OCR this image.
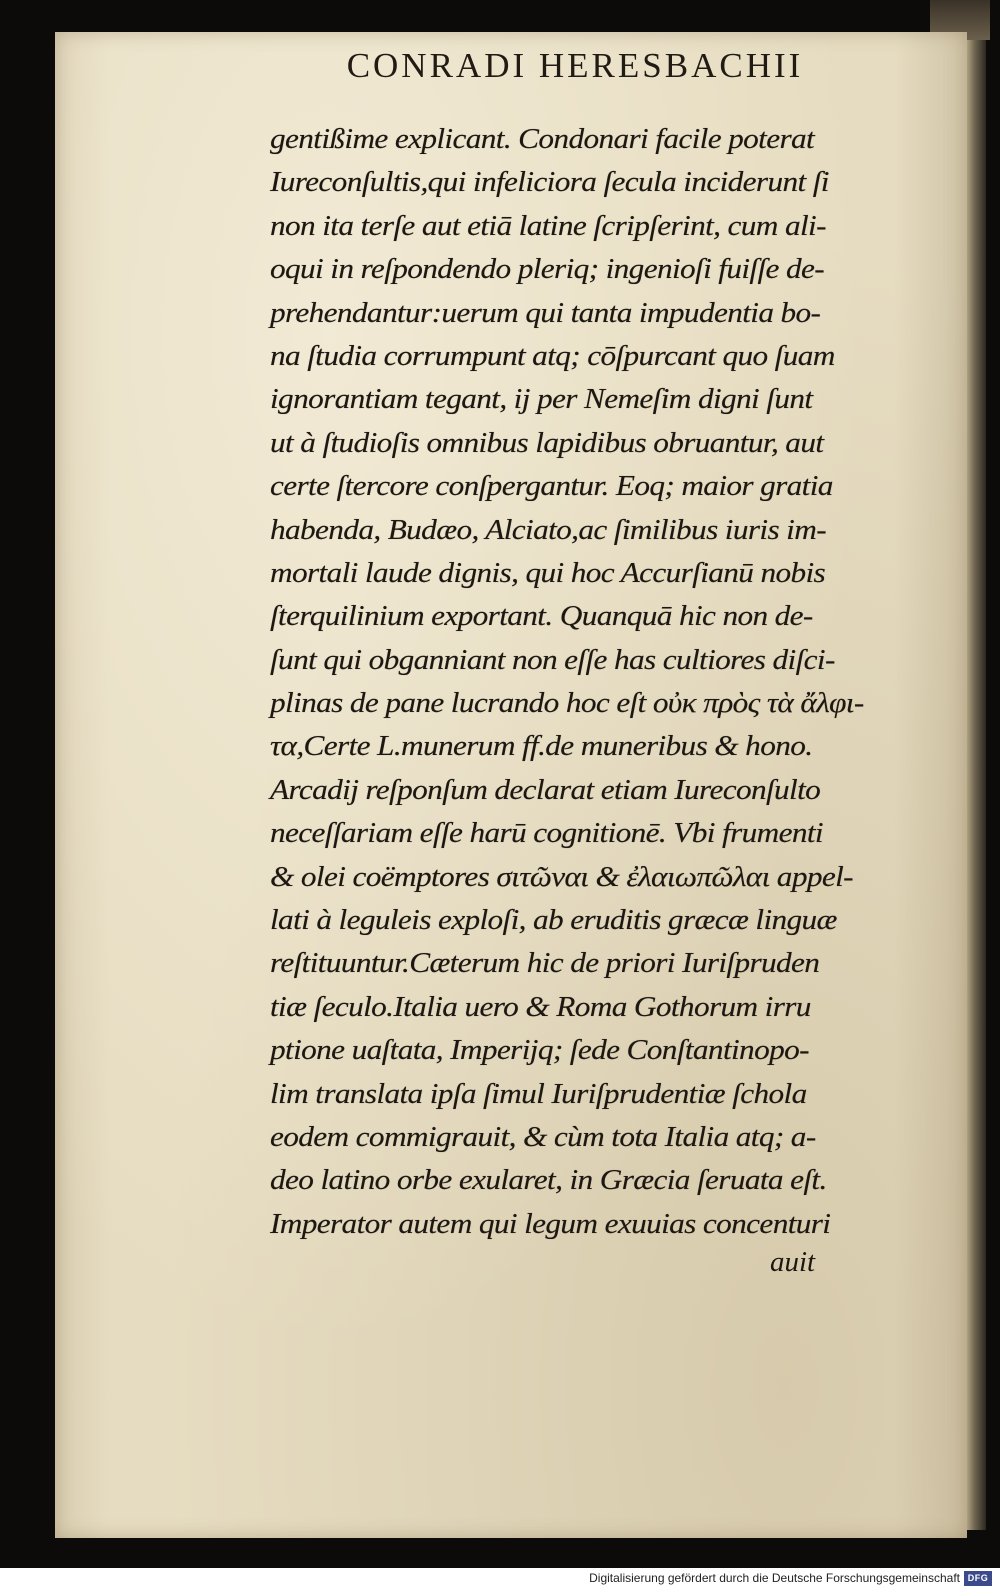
CONRADI HERESBACHII
gentißime explicant. Condonari facile poterat
Iureconſultis,qui infeliciora ſecula inciderunt ſi
non ita terſe aut etiā latine ſcripſerint, cum ali-
oqui in reſpondendo pleriq; ingenioſi fuiſſe de-
prehendantur:uerum qui tanta impudentia bo-
na ſtudia corrumpunt atq; cōſpurcant quo ſuam
ignorantiam tegant, ij per Nemeſim digni ſunt
ut à ſtudioſis omnibus lapidibus obruantur, aut
certe ſtercore conſpergantur. Eoq; maior gratia
habenda, Budæo, Alciato,ac ſimilibus iuris im-
mortali laude dignis, qui hoc Accurſianū nobis
ſterquilinium exportant. Quanquā hic non de-
ſunt qui obganniant non eſſe has cultiores diſci-
plinas de pane lucrando hoc eſt οὐκ πρὸς τὰ ἄλφι-
τα,Certe L.munerum ff.de muneribus & hono.
Arcadij reſponſum declarat etiam Iureconſulto
neceſſariam eſſe harū cognitionē. Vbi frumenti
& olei coëmptores σιτῶναι & ἐλαιωπῶλαι appel-
lati à leguleis exploſi, ab eruditis græcæ linguæ
reſtituuntur.Cæterum hic de priori Iuriſpruden
tiæ ſeculo.Italia uero & Roma Gothorum irru
ptione uaſtata, Imperijq; ſede Conſtantinopo-
lim translata ipſa ſimul Iuriſprudentiæ ſchola
eodem commigrauit, & cùm tota Italia atq; a-
deo latino orbe exularet, in Græcia ſeruata eſt.
Imperator autem qui legum exuuias concenturi
auit
Digitalisierung gefördert durch die Deutsche Forschungsgemeinschaft DFG
